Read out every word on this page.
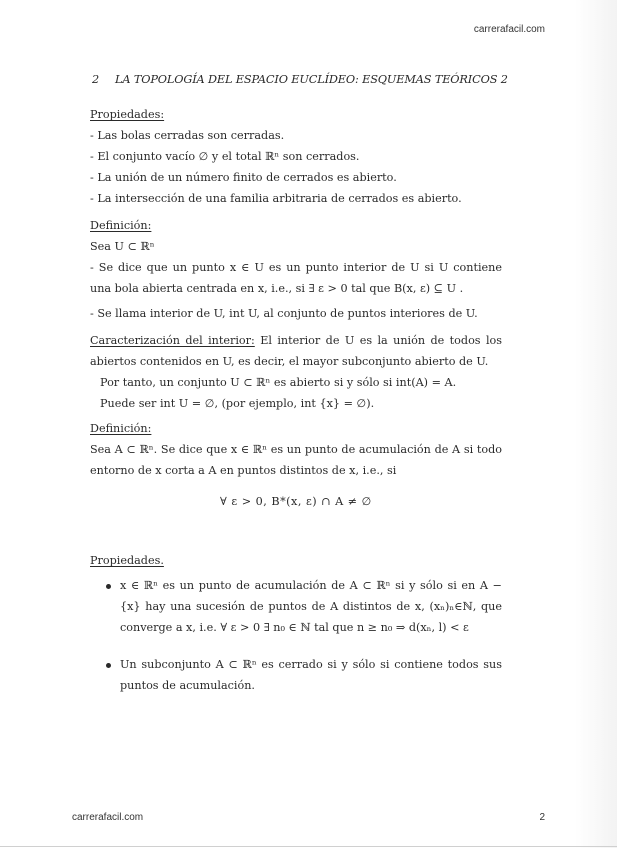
carrerafacil.com
2 LA TOPOLOGÍA DEL ESPACIO EUCLÍDEO: ESQUEMAS TEÓRICOS 2
Propiedades:
- Las bolas cerradas son cerradas.
- El conjunto vacío ∅ y el total ℝⁿ son cerrados.
- La unión de un número finito de cerrados es abierto.
- La intersección de una familia arbitraria de cerrados es abierto.
Definición:
Sea U ⊂ ℝⁿ
- Se dice que un punto x ∈ U es un punto interior de U si U contiene una bola abierta centrada en x, i.e., si ∃ ε > 0 tal que B(x, ε) ⊆ U .
- Se llama interior de U, int U, al conjunto de puntos interiores de U.
Caracterización del interior: El interior de U es la unión de todos los abiertos contenidos en U, es decir, el mayor subconjunto abierto de U.
Por tanto, un conjunto U ⊂ ℝⁿ es abierto si y sólo si int(A) = A.
Puede ser int U = ∅, (por ejemplo, int {x} = ∅).
Definición:
Sea A ⊂ ℝⁿ. Se dice que x ∈ ℝⁿ es un punto de acumulación de A si todo entorno de x corta a A en puntos distintos de x, i.e., si
∀ ε > 0, B*(x, ε) ∩ A ≠ ∅
Propiedades.
x ∈ ℝⁿ es un punto de acumulación de A ⊂ ℝⁿ si y sólo si en A − {x} hay una sucesión de puntos de A distintos de x, (xₙ)ₙ∈ℕ, que converge a x, i.e. ∀ ε > 0 ∃ n₀ ∈ ℕ tal que n ≥ n₀ ⇒ d(xₙ, l) < ε
Un subconjunto A ⊂ ℝⁿ es cerrado si y sólo si contiene todos sus puntos de acumulación.
carrerafacil.com	2
